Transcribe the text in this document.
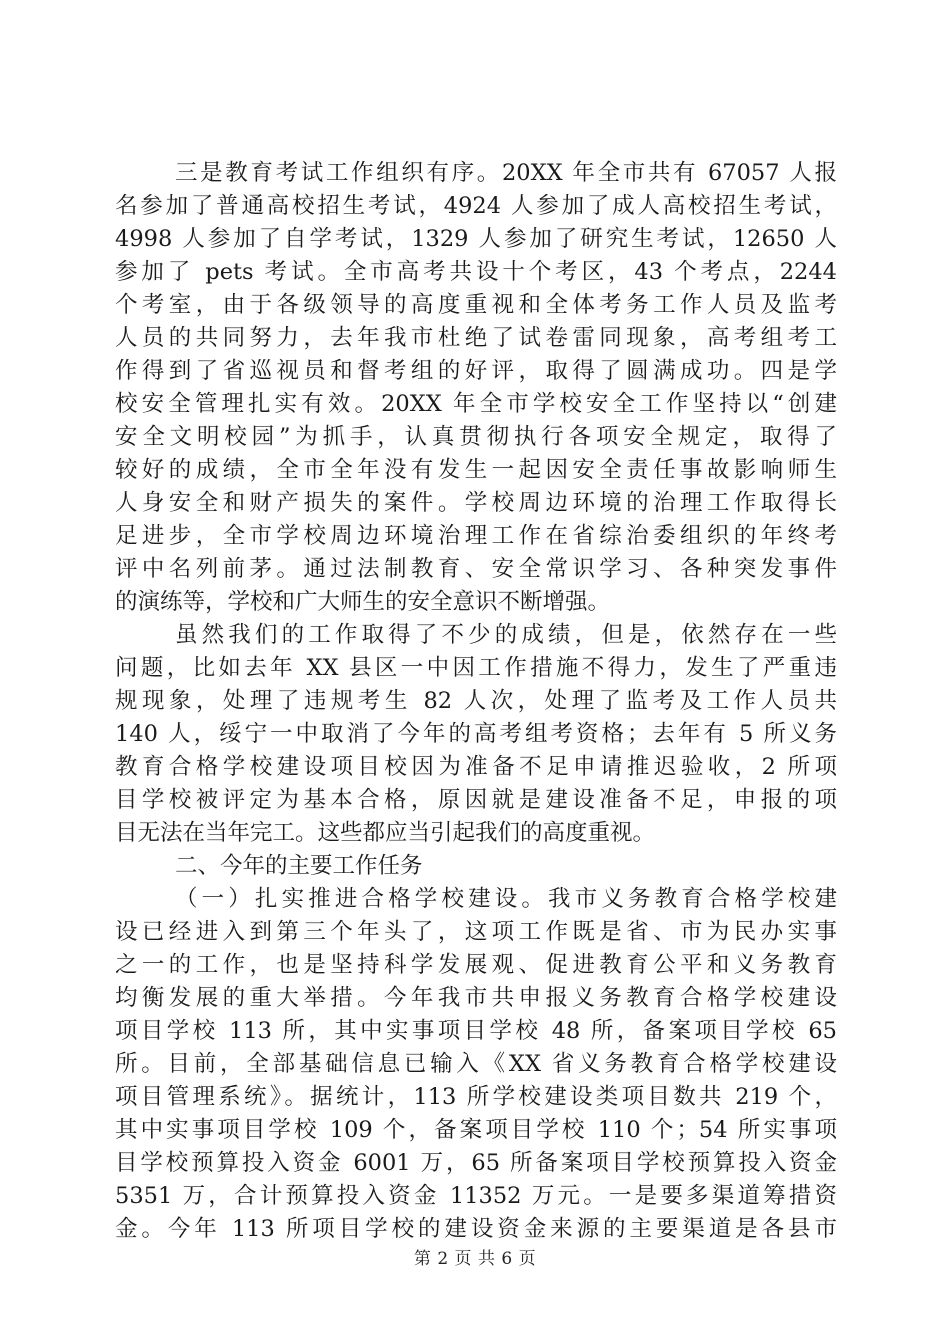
三是教育考试工作组织有序。20XX 年全市共有 67057 人报
名参加了普通高校招生考试，4924 人参加了成人高校招生考试，
4998 人参加了自学考试，1329 人参加了研究生考试，12650 人
参加了 pets 考试。全市高考共设十个考区，43 个考点，2244
个考室，由于各级领导的高度重视和全体考务工作人员及监考
人员的共同努力，去年我市杜绝了试卷雷同现象，高考组考工
作得到了省巡视员和督考组的好评，取得了圆满成功。四是学
校安全管理扎实有效。20XX 年全市学校安全工作坚持以“创建
安全文明校园”为抓手，认真贯彻执行各项安全规定，取得了
较好的成绩，全市全年没有发生一起因安全责任事故影响师生
人身安全和财产损失的案件。学校周边环境的治理工作取得长
足进步，全市学校周边环境治理工作在省综治委组织的年终考
评中名列前茅。通过法制教育、安全常识学习、各种突发事件
的演练等，学校和广大师生的安全意识不断增强。
虽然我们的工作取得了不少的成绩，但是，依然存在一些
问题，比如去年 XX 县区一中因工作措施不得力，发生了严重违
规现象，处理了违规考生 82 人次，处理了监考及工作人员共
140 人，绥宁一中取消了今年的高考组考资格；去年有 5 所义务
教育合格学校建设项目校因为准备不足申请推迟验收，2 所项
目学校被评定为基本合格，原因就是建设准备不足，申报的项
目无法在当年完工。这些都应当引起我们的高度重视。
二、今年的主要工作任务
（一）扎实推进合格学校建设。我市义务教育合格学校建
设已经进入到第三个年头了，这项工作既是省、市为民办实事
之一的工作，也是坚持科学发展观、促进教育公平和义务教育
均衡发展的重大举措。今年我市共申报义务教育合格学校建设
项目学校 113 所，其中实事项目学校 48 所，备案项目学校 65
所。目前，全部基础信息已输入《XX 省义务教育合格学校建设
项目管理系统》。据统计，113 所学校建设类项目数共 219 个，
其中实事项目学校 109 个，备案项目学校 110 个；54 所实事项
目学校预算投入资金 6001 万，65 所备案项目学校预算投入资金
5351 万，合计预算投入资金 11352 万元。一是要多渠道筹措资
金。今年 113 所项目学校的建设资金来源的主要渠道是各县市
第 2 页 共 6 页
